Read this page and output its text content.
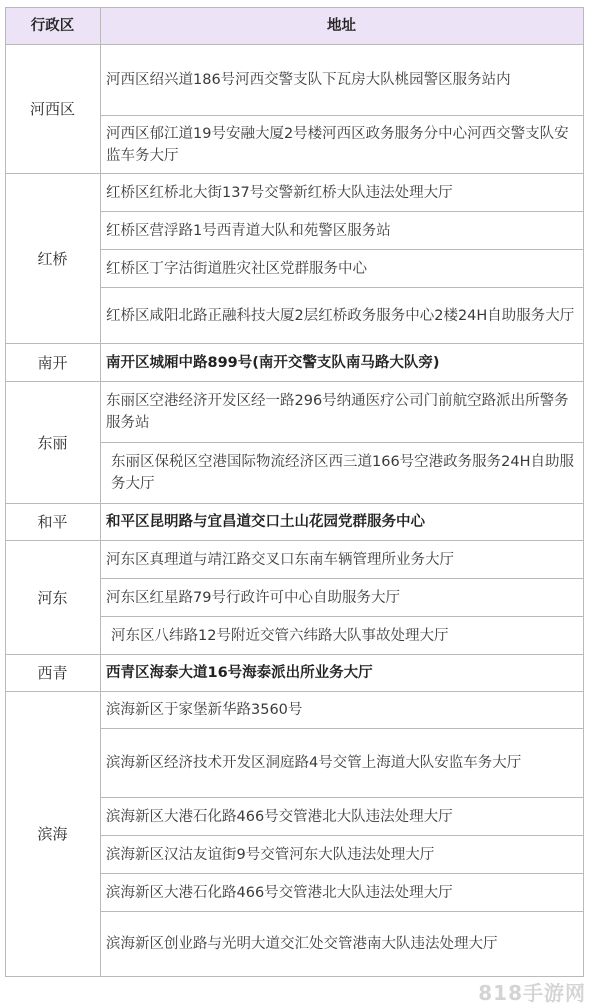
行政区	地址
河西区	河西区绍兴道186号河西交警支队下瓦房大队桃园警区服务站内
	河西区郁江道19号安融大厦2号楼河西区政务服务分中心河西交警支队安监车务大厅
红桥	红桥区红桥北大街137号交警新红桥大队违法处理大厅
	红桥区营浮路1号西青道大队和苑警区服务站
	红桥区丁字沽街道胜灾社区党群服务中心
	红桥区咸阳北路正融科技大厦2层红桥政务服务中心2楼24H自助服务大厅
南开	南开区城厢中路899号(南开交警支队南马路大队旁)
东丽	东丽区空港经济开发区经一路296号纳通医疗公司门前航空路派出所警务服务站
	东丽区保税区空港国际物流经济区西三道166号空港政务服务24H自助服务大厅
和平	和平区昆明路与宜昌道交口土山花园党群服务中心
河东	河东区真理道与靖江路交叉口东南车辆管理所业务大厅
	河东区红星路79号行政许可中心自助服务大厅
	河东区八纬路12号附近交管六纬路大队事故处理大厅
西青	西青区海泰大道16号海泰派出所业务大厅
滨海	滨海新区于家堡新华路3560号
	滨海新区经济技术开发区洞庭路4号交管上海道大队安监车务大厅
	滨海新区大港石化路466号交管港北大队违法处理大厅
	滨海新区汉沽友谊街9号交管河东大队违法处理大厅
	滨海新区大港石化路466号交管港北大队违法处理大厅
	滨海新区创业路与光明大道交汇处交管港南大队违法处理大厅
818手游网
